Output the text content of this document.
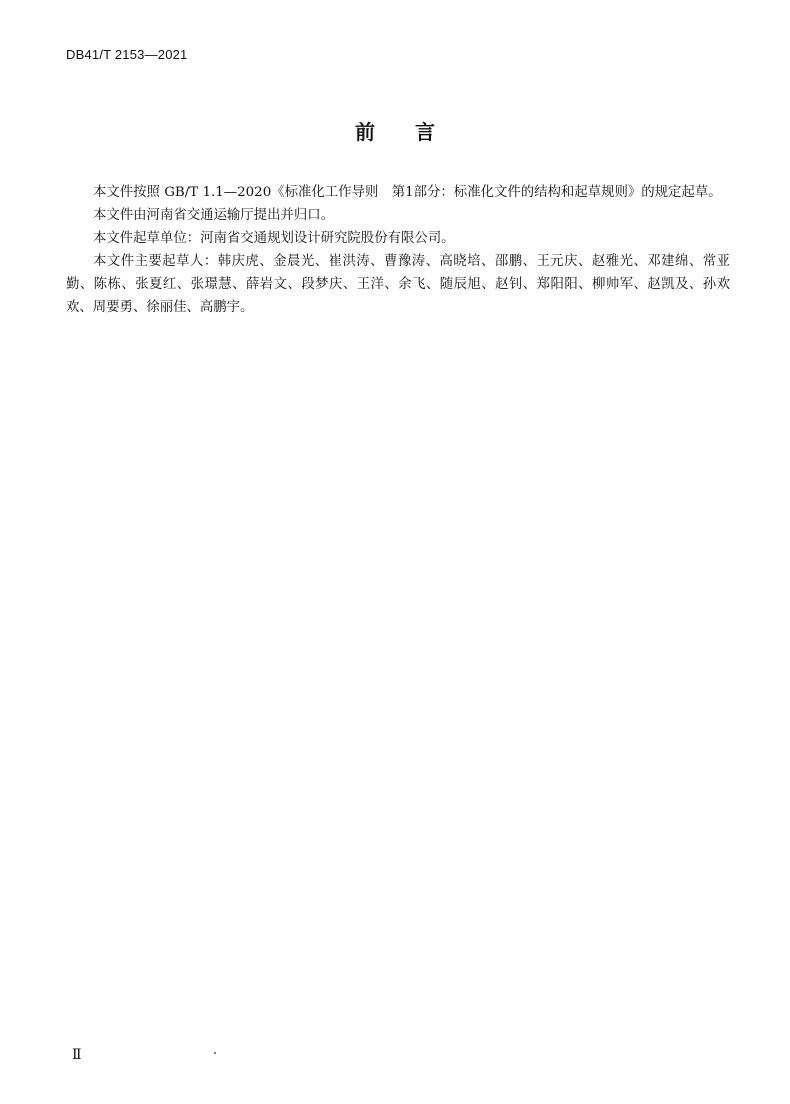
DB41/T 2153—2021
前 言

本文件按照 GB/T 1.1—2020《标准化工作导则　第1部分：标准化文件的结构和起草规则》的规定起草。

本文件由河南省交通运输厅提出并归口。

本文件起草单位：河南省交通规划设计研究院股份有限公司。

本文件主要起草人：韩庆虎、金晨光、崔洪涛、曹豫涛、高晓培、邵鹏、王元庆、赵雅光、邓建绵、常亚勤、陈栋、张夏红、张璟慧、薛岩文、段梦庆、王洋、余飞、随辰旭、赵钊、郑阳阳、柳帅军、赵凯及、孙欢欢、周要勇、徐丽佳、高鹏宇。

Ⅱ
